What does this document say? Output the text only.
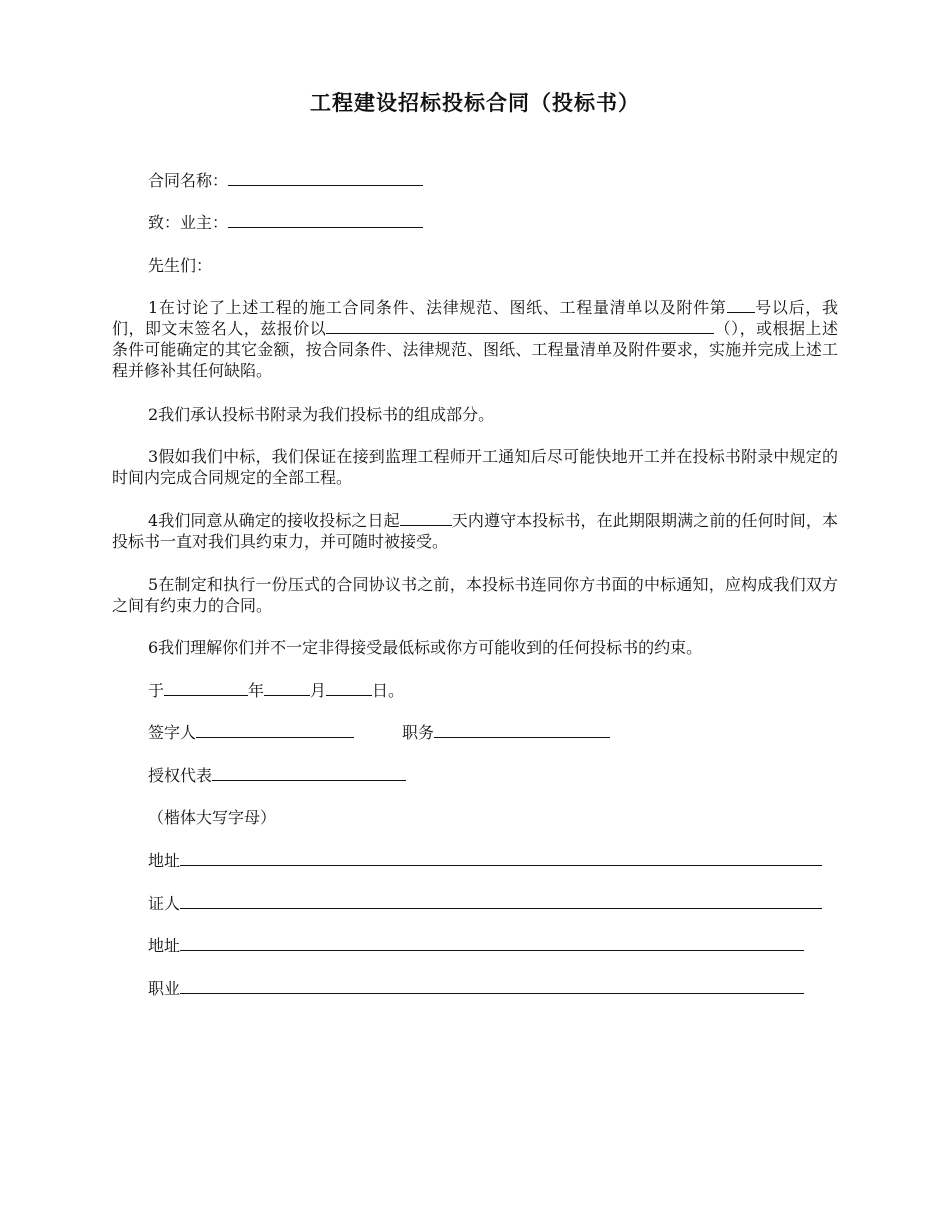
工程建设招标投标合同（投标书）
合同名称：
致：业主：
先生们：
1在讨论了上述工程的施工合同条件、法律规范、图纸、工程量清单以及附件第 号以后，我们，即文末签名人，兹报价以	（），或根据上述条件可能确定的其它金额，按合同条件、法律规范、图纸、工程量清单及附件要求，实施并完成上述工程并修补其任何缺陷。
2我们承认投标书附录为我们投标书的组成部分。
3假如我们中标，我们保证在接到监理工程师开工通知后尽可能快地开工并在投标书附录中规定的时间内完成合同规定的全部工程。
4我们同意从确定的接收投标之日起	天内遵守本投标书，在此期限期满之前的任何时间，本投标书一直对我们具约束力，并可随时被接受。
5在制定和执行一份压式的合同协议书之前，本投标书连同你方书面的中标通知，应构成我们双方之间有约束力的合同。
6我们理解你们并不一定非得接受最低标或你方可能收到的任何投标书的约束。
于	年	月	日。
签字人	职务
授权代表
（楷体大写字母）
地址
证人
地址
职业
